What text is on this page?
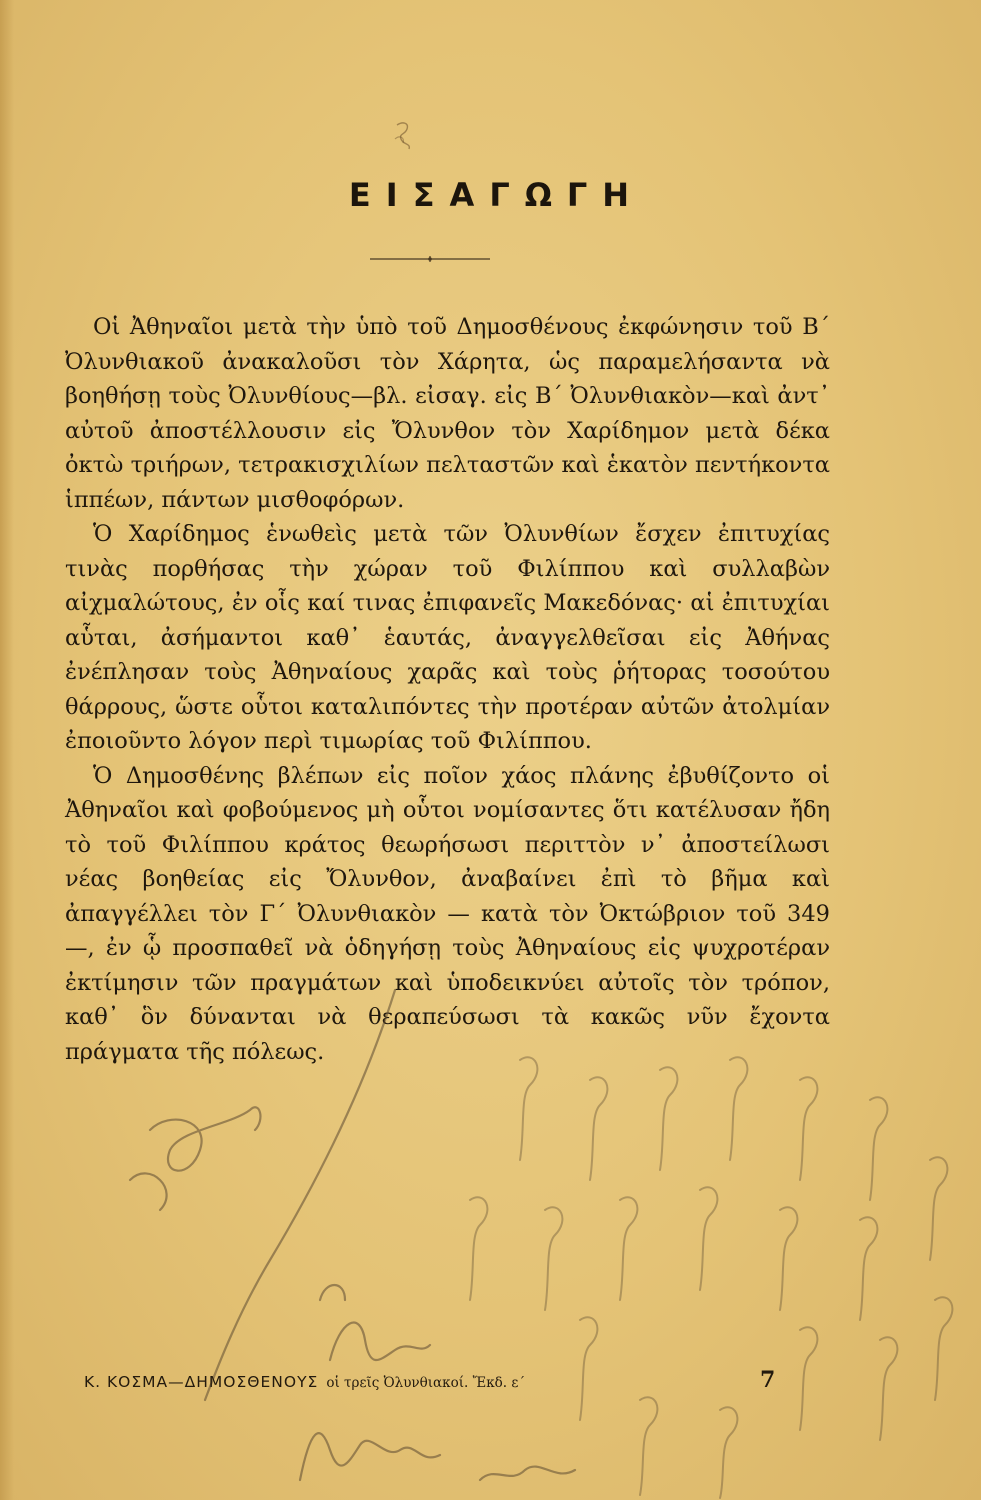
ΕΙΣΑΓΩΓΗ

Οἱ Ἀθηναῖοι μετὰ τὴν ὑπὸ τοῦ Δημοσθένους ἐκφώνησιν τοῦ Β΄ Ὀλυνθιακοῦ ἀνακαλοῦσι τὸν Χάρητα, ὡς παραμελήσαντα νὰ βοηθήσῃ τοὺς Ὀλυνθίους—βλ. εἰσαγ. εἰς Β΄ Ὀλυνθιακὸν—καὶ ἀντ᾽ αὐτοῦ ἀποστέλλουσιν εἰς Ὄλυνθον τὸν Χαρίδημον μετὰ δέκα ὀκτὼ τριήρων, τετρακισχιλίων πελταστῶν καὶ ἑκατὸν πεντήκοντα ἱππέων, πάντων μισθοφόρων.

Ὁ Χαρίδημος ἑνωθεὶς μετὰ τῶν Ὀλυνθίων ἔσχεν ἐπιτυχίας τινὰς πορθήσας τὴν χώραν τοῦ Φιλίππου καὶ συλλαβὼν αἰχμαλώτους, ἐν οἷς καί τινας ἐπιφανεῖς Μακεδόνας· αἱ ἐπιτυχίαι αὗται, ἀσήμαντοι καθ᾽ ἑαυτάς, ἀναγγελθεῖσαι εἰς Ἀθήνας ἐνέπλησαν τοὺς Ἀθηναίους χαρᾶς καὶ τοὺς ῥήτορας τοσούτου θάρρους, ὥστε οὗτοι καταλιπόντες τὴν προτέραν αὐτῶν ἀτολμίαν ἐποιοῦντο λόγον περὶ τιμωρίας τοῦ Φιλίππου.

Ὁ Δημοσθένης βλέπων εἰς ποῖον χάος πλάνης ἐβυθίζοντο οἱ Ἀθηναῖοι καὶ φοβούμενος μὴ οὗτοι νομίσαντες ὅτι κατέλυσαν ἤδη τὸ τοῦ Φιλίππου κράτος θεωρήσωσι περιττὸν ν᾽ ἀποστείλωσι νέας βοηθείας εἰς Ὄλυνθον, ἀναβαίνει ἐπὶ τὸ βῆμα καὶ ἀπαγγέλλει τὸν Γ΄ Ὀλυνθιακὸν — κατὰ τὸν Ὀκτώβριον τοῦ 349 —, ἐν ᾧ προσπαθεῖ νὰ ὁδηγήσῃ τοὺς Ἀθηναίους εἰς ψυχροτέραν ἐκτίμησιν τῶν πραγμάτων καὶ ὑποδεικνύει αὐτοῖς τὸν τρόπον, καθ᾽ ὃν δύνανται νὰ θεραπεύσωσι τὰ κακῶς νῦν ἔχοντα πράγματα τῆς πόλεως.

Κ. ΚΟΣΜΑ—ΔΗΜΟΣΘΕΝΟΥΣ οἱ τρεῖς Ὀλυνθιακοί. Ἔκδ. ε΄	7
